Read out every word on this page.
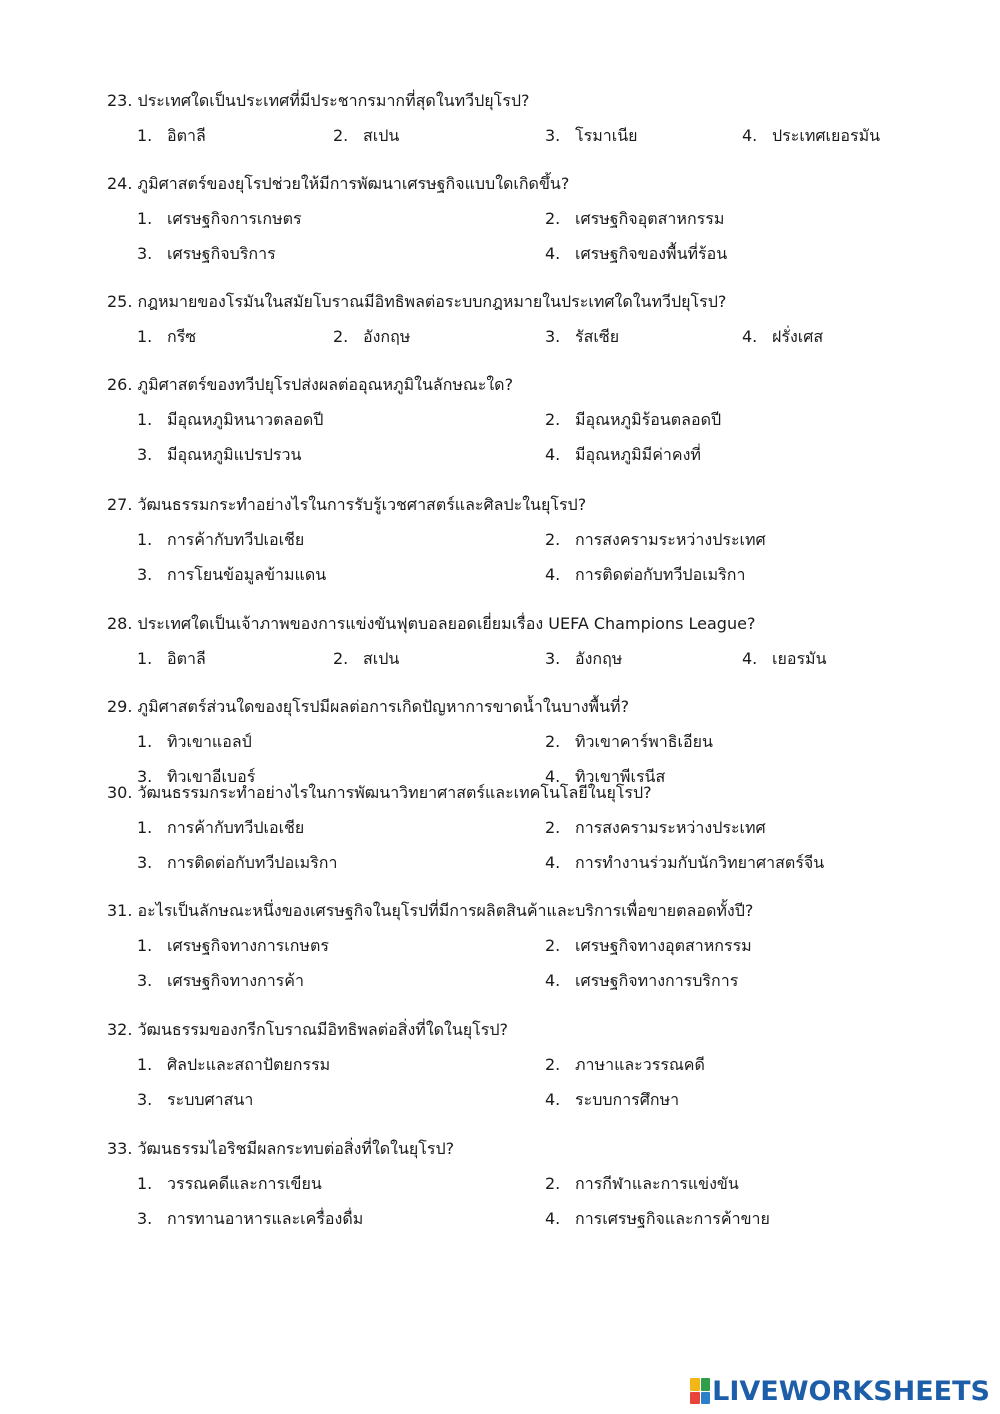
23. ประเทศใดเป็นประเทศที่มีประชากรมากที่สุดในทวีปยุโรป?
1. อิตาลี	2. สเปน	3. โรมาเนีย	4. ประเทศเยอรมัน
24. ภูมิศาสตร์ของยุโรปช่วยให้มีการพัฒนาเศรษฐกิจแบบใดเกิดขึ้น?
1. เศรษฐกิจการเกษตร	2. เศรษฐกิจอุตสาหกรรม
3. เศรษฐกิจบริการ	4. เศรษฐกิจของพื้นที่ร้อน
25. กฎหมายของโรมันในสมัยโบราณมีอิทธิพลต่อระบบกฎหมายในประเทศใดในทวีปยุโรป?
1. กรีซ	2. อังกฤษ	3. รัสเซีย	4. ฝรั่งเศส
26. ภูมิศาสตร์ของทวีปยุโรปส่งผลต่ออุณหภูมิในลักษณะใด?
1. มีอุณหภูมิหนาวตลอดปี	2. มีอุณหภูมิร้อนตลอดปี
3. มีอุณหภูมิแปรปรวน	4. มีอุณหภูมิมีค่าคงที่
27. วัฒนธรรมกระทำอย่างไรในการรับรู้เวชศาสตร์และศิลปะในยุโรป?
1. การค้ากับทวีปเอเชีย	2. การสงครามระหว่างประเทศ
3. การโยนข้อมูลข้ามแดน	4. การติดต่อกับทวีปอเมริกา
28. ประเทศใดเป็นเจ้าภาพของการแข่งขันฟุตบอลยอดเยี่ยมเรื่อง UEFA Champions League?
1. อิตาลี	2. สเปน	3. อังกฤษ	4. เยอรมัน
29. ภูมิศาสตร์ส่วนใดของยุโรปมีผลต่อการเกิดปัญหาการขาดน้ำในบางพื้นที่?
1. ทิวเขาแอลป์	2. ทิวเขาคาร์พาธิเอียน
3. ทิวเขาอีเบอร์	4. ทิวเขาพีเรนีส
30. วัฒนธรรมกระทำอย่างไรในการพัฒนาวิทยาศาสตร์และเทคโนโลยีในยุโรป?
1. การค้ากับทวีปเอเชีย	2. การสงครามระหว่างประเทศ
3. การติดต่อกับทวีปอเมริกา	4. การทำงานร่วมกับนักวิทยาศาสตร์จีน
31. อะไรเป็นลักษณะหนึ่งของเศรษฐกิจในยุโรปที่มีการผลิตสินค้าและบริการเพื่อขายตลอดทั้งปี?
1. เศรษฐกิจทางการเกษตร	2. เศรษฐกิจทางอุตสาหกรรม
3. เศรษฐกิจทางการค้า	4. เศรษฐกิจทางการบริการ
32. วัฒนธรรมของกรีกโบราณมีอิทธิพลต่อสิ่งที่ใดในยุโรป?
1. ศิลปะและสถาปัตยกรรม	2. ภาษาและวรรณคดี
3. ระบบศาสนา	4. ระบบการศึกษา
33. วัฒนธรรมไอริชมีผลกระทบต่อสิ่งที่ใดในยุโรป?
1. วรรณคดีและการเขียน	2. การกีฬาและการแข่งขัน
3. การทานอาหารและเครื่องดื่ม	4. การเศรษฐกิจและการค้าขาย
LIVEWORKSHEETS
